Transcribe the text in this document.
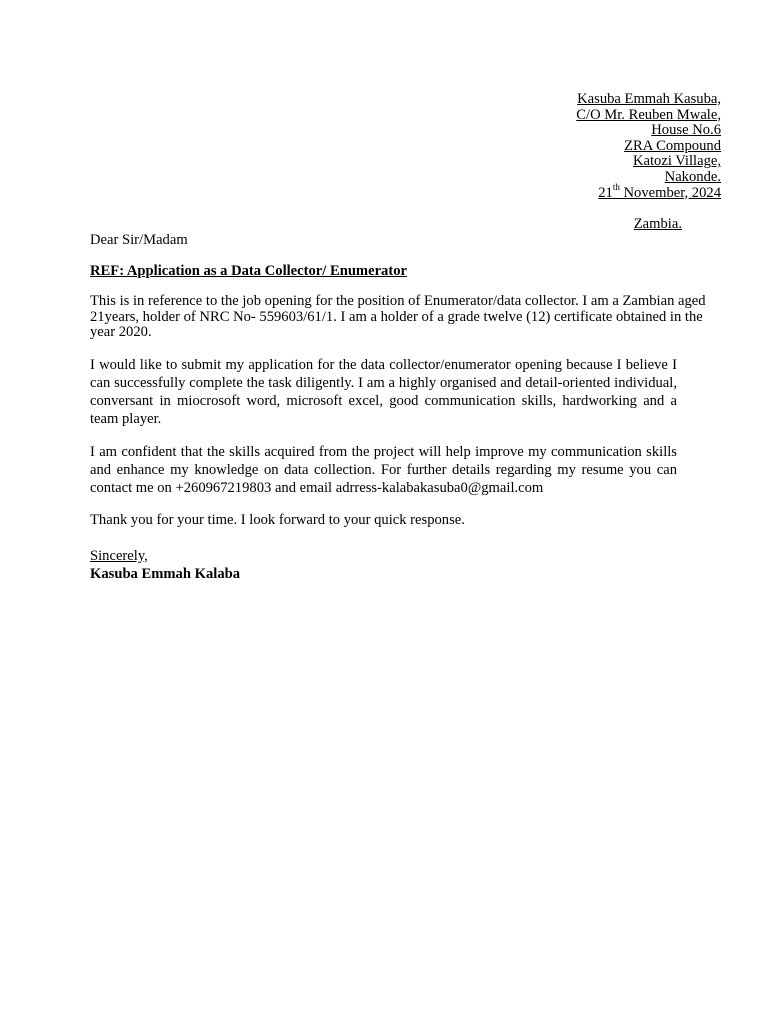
Kasuba Emmah Kasuba,
C/O Mr. Reuben Mwale,
House No.6
ZRA Compound
Katozi Village,
Nakonde.
21th November, 2024
Zambia.

Dear Sir/Madam

REF: Application as a Data Collector/ Enumerator

This is in reference to the job opening for the position of Enumerator/data collector. I am a Zambian aged 21years, holder of NRC No- 559603/61/1. I am a holder of a grade twelve (12) certificate obtained in the year 2020.

I would like to submit my application for the data collector/enumerator opening because I believe I can successfully complete the task diligently. I am a highly organised and detail-oriented individual, conversant in miocrosoft word, microsoft excel, good communication skills, hardworking and a team player.

I am confident that the skills acquired from the project will help improve my communication skills and enhance my knowledge on data collection. For further details regarding my resume you can contact me on +260967219803 and email adrress-kalabakasuba0@gmail.com

Thank you for your time. I look forward to your quick response.

Sincerely,

Kasuba Emmah Kalaba
